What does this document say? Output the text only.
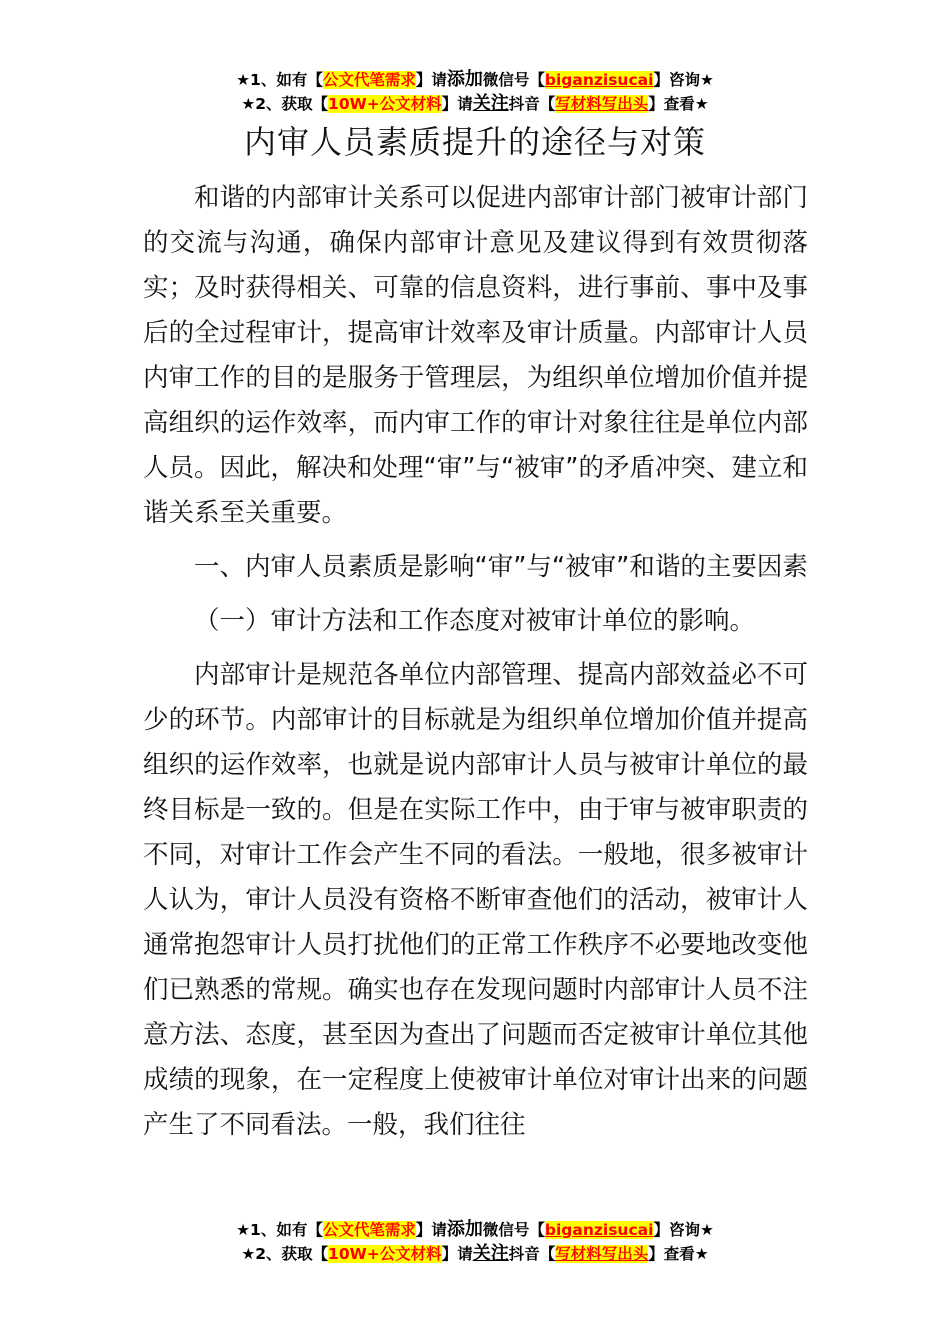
★1、如有【公文代笔需求】请添加微信号【biganzisucai】咨询★
★2、获取【10W+公文材料】请关注抖音【写材料写出头】查看★
内审人员素质提升的途径与对策

和谐的内部审计关系可以促进内部审计部门被审计部门的交流与沟通，确保内部审计意见及建议得到有效贯彻落实；及时获得相关、可靠的信息资料，进行事前、事中及事后的全过程审计，提高审计效率及审计质量。内部审计人员内审工作的目的是服务于管理层，为组织单位增加价值并提高组织的运作效率，而内审工作的审计对象往往是单位内部人员。因此，解决和处理“审”与“被审”的矛盾冲突、建立和谐关系至关重要。

一、内审人员素质是影响“审”与“被审”和谐的主要因素

（一）审计方法和工作态度对被审计单位的影响。

内部审计是规范各单位内部管理、提高内部效益必不可少的环节。内部审计的目标就是为组织单位增加价值并提高组织的运作效率，也就是说内部审计人员与被审计单位的最终目标是一致的。但是在实际工作中，由于审与被审职责的不同，对审计工作会产生不同的看法。一般地，很多被审计人认为，审计人员没有资格不断审查他们的活动，被审计人通常抱怨审计人员打扰他们的正常工作秩序不必要地改变他们已熟悉的常规。确实也存在发现问题时内部审计人员不注意方法、态度，甚至因为查出了问题而否定被审计单位其他成绩的现象，在一定程度上使被审计单位对审计出来的问题产生了不同看法。一般，我们往往

★1、如有【公文代笔需求】请添加微信号【biganzisucai】咨询★
★2、获取【10W+公文材料】请关注抖音【写材料写出头】查看★
